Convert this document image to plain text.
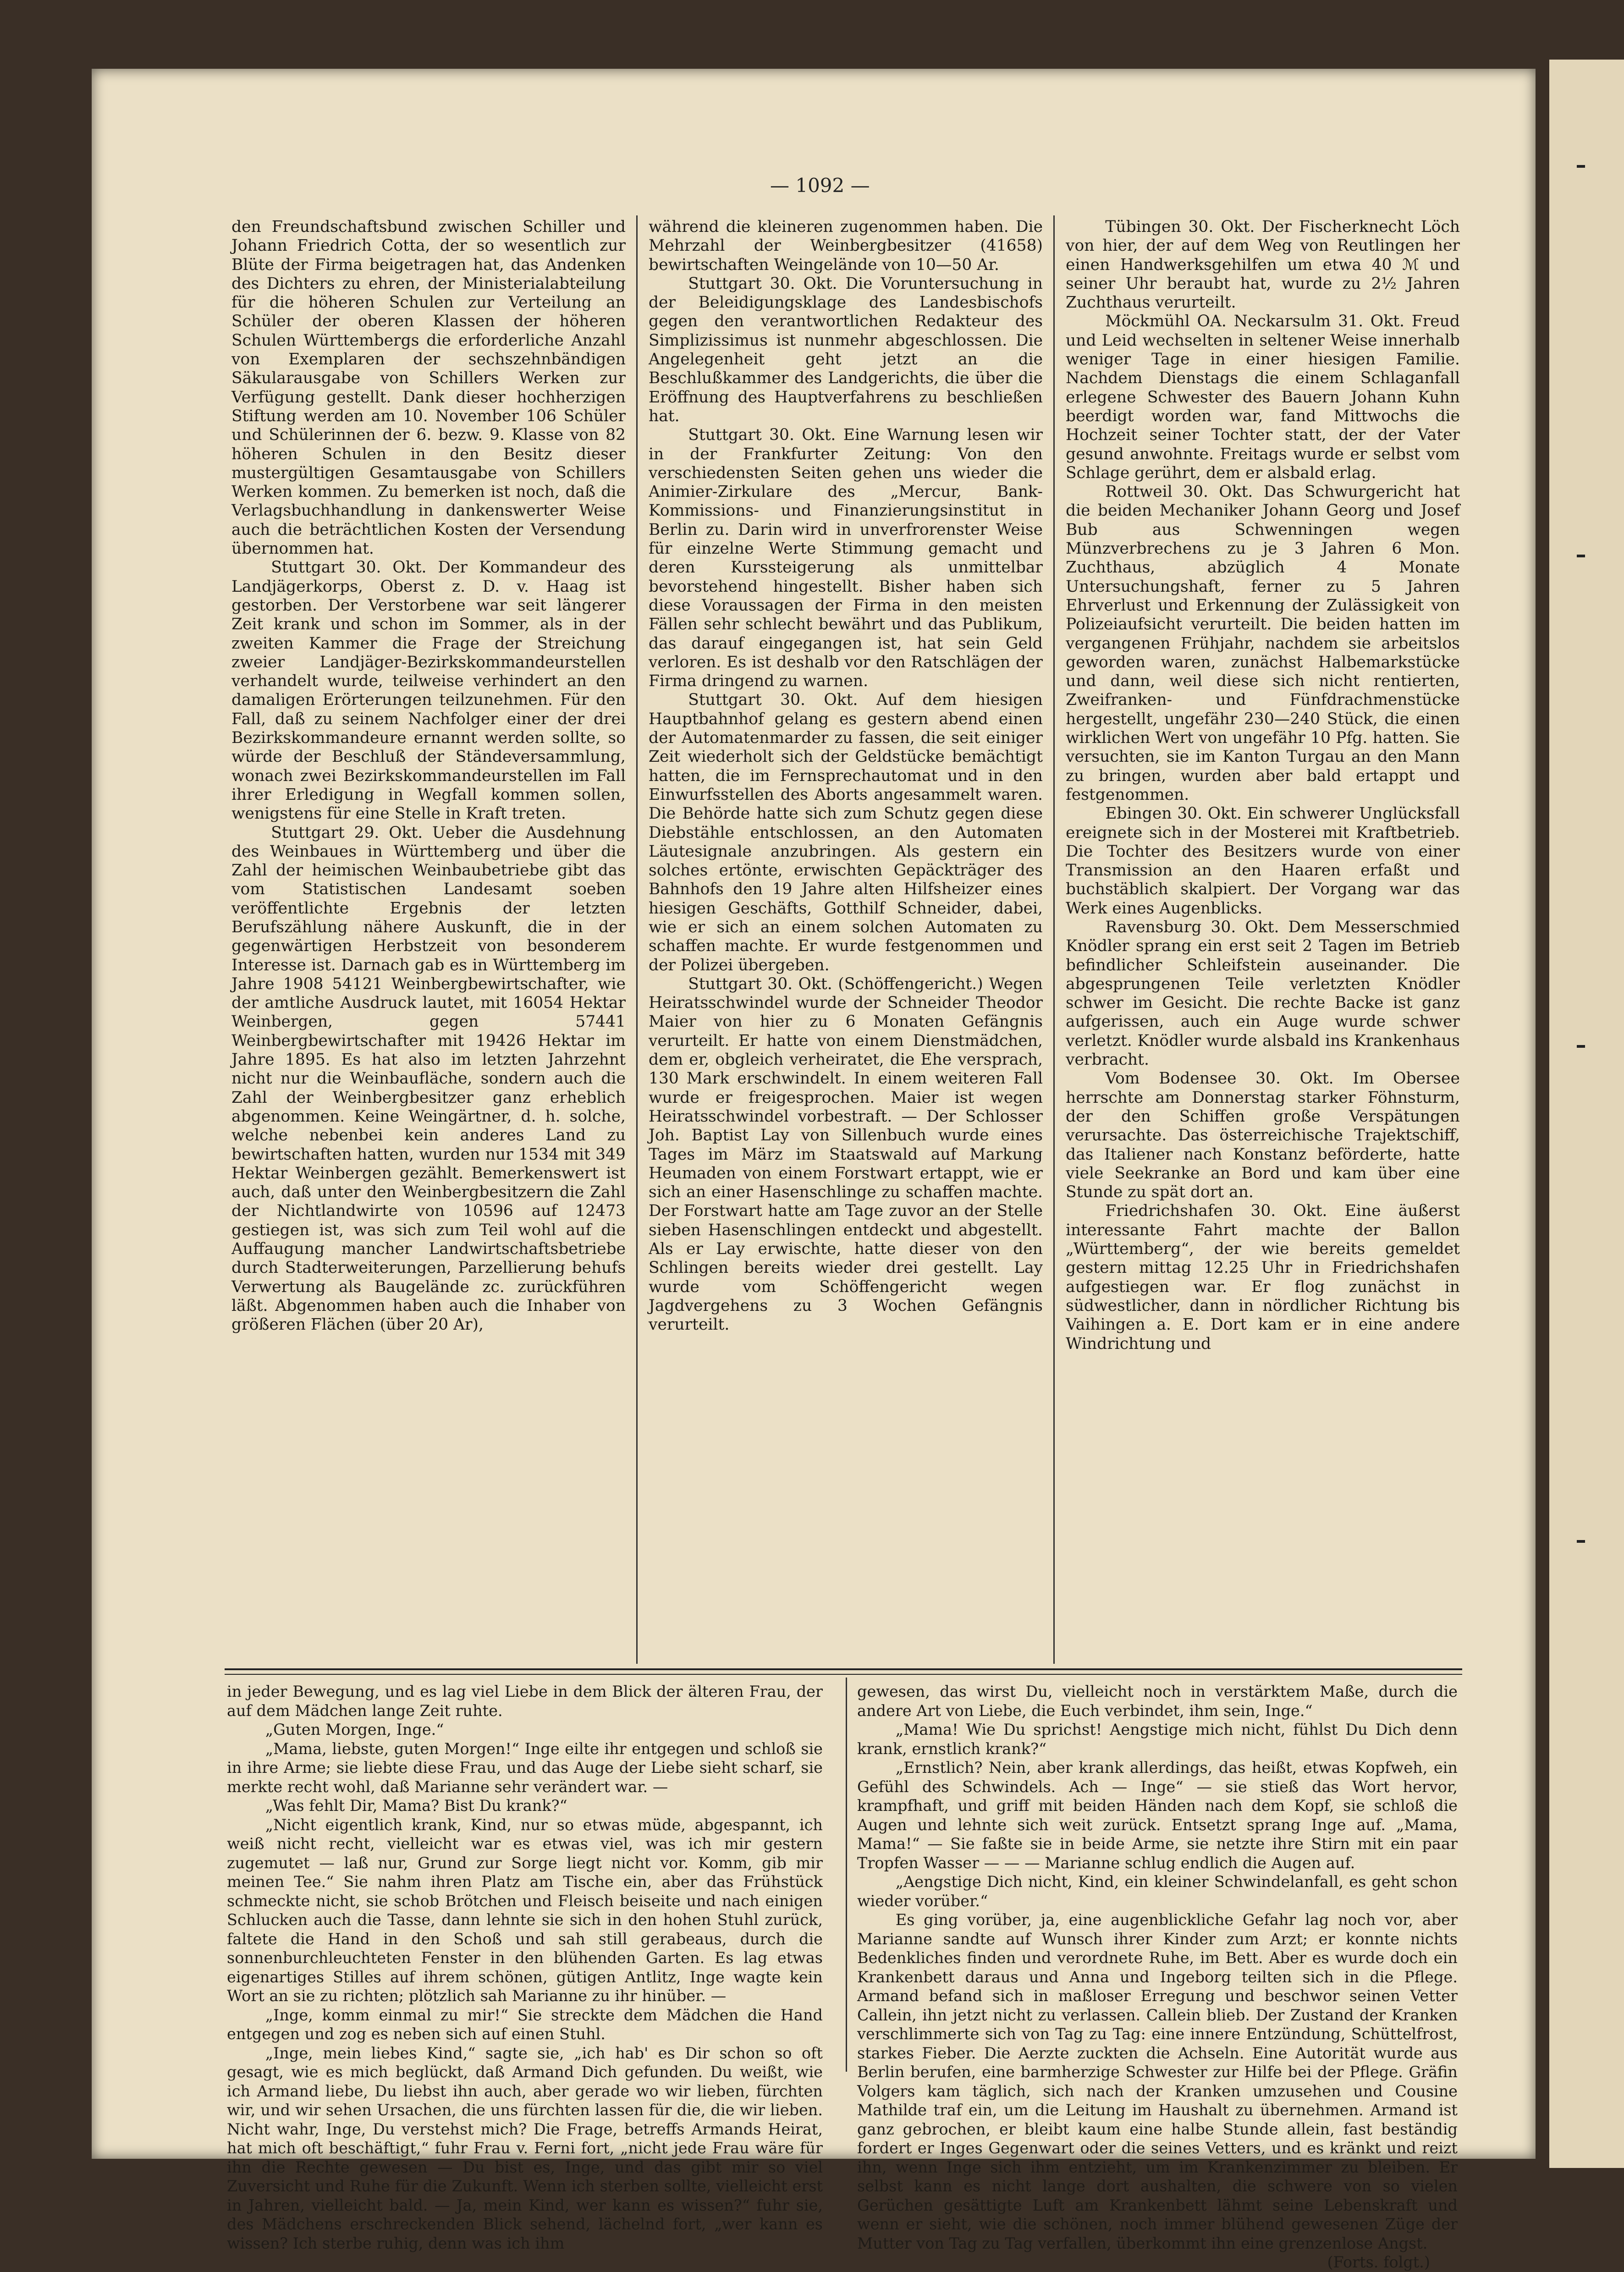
— 1092 —

den Freundschaftsbund zwischen Schiller und Johann Friedrich Cotta, der so wesentlich zur Blüte der Firma beigetragen hat, das Andenken des Dichters zu ehren, der Ministerialabteilung für die höheren Schulen zur Verteilung an Schüler der oberen Klassen der höheren Schulen Württembergs die erforderliche Anzahl von Exemplaren der sechszehnbändigen Säkularausgabe von Schillers Werken zur Verfügung gestellt. Dank dieser hochherzigen Stiftung werden am 10. November 106 Schüler und Schülerinnen der 6. bezw. 9. Klasse von 82 höheren Schulen in den Besitz dieser mustergültigen Gesamtausgabe von Schillers Werken kommen. Zu bemerken ist noch, daß die Verlagsbuchhandlung in dankenswerter Weise auch die beträchtlichen Kosten der Versendung übernommen hat.

Stuttgart 30. Okt. Der Kommandeur des Landjägerkorps, Oberst z. D. v. Haag ist gestorben. Der Verstorbene war seit längerer Zeit krank und schon im Sommer, als in der zweiten Kammer die Frage der Streichung zweier Landjäger-Bezirkskommandeurstellen verhandelt wurde, teilweise verhindert an den damaligen Erörterungen teilzunehmen. Für den Fall, daß zu seinem Nachfolger einer der drei Bezirkskommandeure ernannt werden sollte, so würde der Beschluß der Ständeversammlung, wonach zwei Bezirkskommandeurstellen im Fall ihrer Erledigung in Wegfall kommen sollen, wenigstens für eine Stelle in Kraft treten.

Stuttgart 29. Okt. Ueber die Ausdehnung des Weinbaues in Württemberg und über die Zahl der heimischen Weinbaubetriebe gibt das vom Statistischen Landesamt soeben veröffentlichte Ergebnis der letzten Berufszählung nähere Auskunft, die in der gegenwärtigen Herbstzeit von besonderem Interesse ist. Darnach gab es in Württemberg im Jahre 1908 54121 Weinbergbewirtschafter, wie der amtliche Ausdruck lautet, mit 16054 Hektar Weinbergen, gegen 57441 Weinbergbewirtschafter mit 19426 Hektar im Jahre 1895. Es hat also im letzten Jahrzehnt nicht nur die Weinbaufläche, sondern auch die Zahl der Weinbergbesitzer ganz erheblich abgenommen. Keine Weingärtner, d. h. solche, welche nebenbei kein anderes Land zu bewirtschaften hatten, wurden nur 1534 mit 349 Hektar Weinbergen gezählt. Bemerkenswert ist auch, daß unter den Weinbergbesitzern die Zahl der Nichtlandwirte von 10596 auf 12473 gestiegen ist, was sich zum Teil wohl auf die Auffaugung mancher Landwirtschaftsbetriebe durch Stadterweiterungen, Parzellierung behufs Verwertung als Baugelände zc. zurückführen läßt. Abgenommen haben auch die Inhaber von größeren Flächen (über 20 Ar),

während die kleineren zugenommen haben. Die Mehrzahl der Weinbergbesitzer (41658) bewirtschaften Weingelände von 10—50 Ar.

Stuttgart 30. Okt. Die Voruntersuchung in der Beleidigungsklage des Landesbischofs gegen den verantwortlichen Redakteur des Simplizissimus ist nunmehr abgeschlossen. Die Angelegenheit geht jetzt an die Beschlußkammer des Landgerichts, die über die Eröffnung des Hauptverfahrens zu beschließen hat.

Stuttgart 30. Okt. Eine Warnung lesen wir in der Frankfurter Zeitung: Von den verschiedensten Seiten gehen uns wieder die Animier-Zirkulare des „Mercur, Bank-Kommissions- und Finanzierungsinstitut in Berlin zu. Darin wird in unverfrorenster Weise für einzelne Werte Stimmung gemacht und deren Kurssteigerung als unmittelbar bevorstehend hingestellt. Bisher haben sich diese Voraussagen der Firma in den meisten Fällen sehr schlecht bewährt und das Publikum, das darauf eingegangen ist, hat sein Geld verloren. Es ist deshalb vor den Ratschlägen der Firma dringend zu warnen.

Stuttgart 30. Okt. Auf dem hiesigen Hauptbahnhof gelang es gestern abend einen der Automatenmarder zu fassen, die seit einiger Zeit wiederholt sich der Geldstücke bemächtigt hatten, die im Fernsprechautomat und in den Einwurfsstellen des Aborts angesammelt waren. Die Behörde hatte sich zum Schutz gegen diese Diebstähle entschlossen, an den Automaten Läutesignale anzubringen. Als gestern ein solches ertönte, erwischten Gepäckträger des Bahnhofs den 19 Jahre alten Hilfsheizer eines hiesigen Geschäfts, Gotthilf Schneider, dabei, wie er sich an einem solchen Automaten zu schaffen machte. Er wurde festgenommen und der Polizei übergeben.

Stuttgart 30. Okt. (Schöffengericht.) Wegen Heiratsschwindel wurde der Schneider Theodor Maier von hier zu 6 Monaten Gefängnis verurteilt. Er hatte von einem Dienstmädchen, dem er, obgleich verheiratet, die Ehe versprach, 130 Mark erschwindelt. In einem weiteren Fall wurde er freigesprochen. Maier ist wegen Heiratsschwindel vorbestraft. — Der Schlosser Joh. Baptist Lay von Sillenbuch wurde eines Tages im März im Staatswald auf Markung Heumaden von einem Forstwart ertappt, wie er sich an einer Hasenschlinge zu schaffen machte. Der Forstwart hatte am Tage zuvor an der Stelle sieben Hasenschlingen entdeckt und abgestellt. Als er Lay erwischte, hatte dieser von den Schlingen bereits wieder drei gestellt. Lay wurde vom Schöffengericht wegen Jagdvergehens zu 3 Wochen Gefängnis verurteilt.

Tübingen 30. Okt. Der Fischerknecht Löch von hier, der auf dem Weg von Reutlingen her einen Handwerksgehilfen um etwa 40 ℳ und seiner Uhr beraubt hat, wurde zu 2½ Jahren Zuchthaus verurteilt.

Möckmühl OA. Neckarsulm 31. Okt. Freud und Leid wechselten in seltener Weise innerhalb weniger Tage in einer hiesigen Familie. Nachdem Dienstags die einem Schlaganfall erlegene Schwester des Bauern Johann Kuhn beerdigt worden war, fand Mittwochs die Hochzeit seiner Tochter statt, der der Vater gesund anwohnte. Freitags wurde er selbst vom Schlage gerührt, dem er alsbald erlag.

Rottweil 30. Okt. Das Schwurgericht hat die beiden Mechaniker Johann Georg und Josef Bub aus Schwenningen wegen Münzverbrechens zu je 3 Jahren 6 Mon. Zuchthaus, abzüglich 4 Monate Untersuchungshaft, ferner zu 5 Jahren Ehrverlust und Erkennung der Zulässigkeit von Polizeiaufsicht verurteilt. Die beiden hatten im vergangenen Frühjahr, nachdem sie arbeitslos geworden waren, zunächst Halbemarkstücke und dann, weil diese sich nicht rentierten, Zweifranken- und Fünfdrachmenstücke hergestellt, ungefähr 230—240 Stück, die einen wirklichen Wert von ungefähr 10 Pfg. hatten. Sie versuchten, sie im Kanton Turgau an den Mann zu bringen, wurden aber bald ertappt und festgenommen.

Ebingen 30. Okt. Ein schwerer Unglücksfall ereignete sich in der Mosterei mit Kraftbetrieb. Die Tochter des Besitzers wurde von einer Transmission an den Haaren erfaßt und buchstäblich skalpiert. Der Vorgang war das Werk eines Augenblicks.

Ravensburg 30. Okt. Dem Messerschmied Knödler sprang ein erst seit 2 Tagen im Betrieb befindlicher Schleifstein auseinander. Die abgesprungenen Teile verletzten Knödler schwer im Gesicht. Die rechte Backe ist ganz aufgerissen, auch ein Auge wurde schwer verletzt. Knödler wurde alsbald ins Krankenhaus verbracht.

Vom Bodensee 30. Okt. Im Obersee herrschte am Donnerstag starker Föhnsturm, der den Schiffen große Verspätungen verursachte. Das österreichische Trajektschiff, das Italiener nach Konstanz beförderte, hatte viele Seekranke an Bord und kam über eine Stunde zu spät dort an.

Friedrichshafen 30. Okt. Eine äußerst interessante Fahrt machte der Ballon „Württemberg“, der wie bereits gemeldet gestern mittag 12.25 Uhr in Friedrichshafen aufgestiegen war. Er flog zunächst in südwestlicher, dann in nördlicher Richtung bis Vaihingen a. E. Dort kam er in eine andere Windrichtung und

in jeder Bewegung, und es lag viel Liebe in dem Blick der älteren Frau, der auf dem Mädchen lange Zeit ruhte.

„Guten Morgen, Inge.“

„Mama, liebste, guten Morgen!“ Inge eilte ihr entgegen und schloß sie in ihre Arme; sie liebte diese Frau, und das Auge der Liebe sieht scharf, sie merkte recht wohl, daß Marianne sehr verändert war. —

„Was fehlt Dir, Mama? Bist Du krank?“

„Nicht eigentlich krank, Kind, nur so etwas müde, abgespannt, ich weiß nicht recht, vielleicht war es etwas viel, was ich mir gestern zugemutet — laß nur, Grund zur Sorge liegt nicht vor. Komm, gib mir meinen Tee.“ Sie nahm ihren Platz am Tische ein, aber das Frühstück schmeckte nicht, sie schob Brötchen und Fleisch beiseite und nach einigen Schlucken auch die Tasse, dann lehnte sie sich in den hohen Stuhl zurück, faltete die Hand in den Schoß und sah still gerabeaus, durch die sonnenburchleuchteten Fenster in den blühenden Garten. Es lag etwas eigenartiges Stilles auf ihrem schönen, gütigen Antlitz, Inge wagte kein Wort an sie zu richten; plötzlich sah Marianne zu ihr hinüber. —

„Inge, komm einmal zu mir!“ Sie streckte dem Mädchen die Hand entgegen und zog es neben sich auf einen Stuhl.

„Inge, mein liebes Kind,“ sagte sie, „ich hab' es Dir schon so oft gesagt, wie es mich beglückt, daß Armand Dich gefunden. Du weißt, wie ich Armand liebe, Du liebst ihn auch, aber gerade wo wir lieben, fürchten wir, und wir sehen Ursachen, die uns fürchten lassen für die, die wir lieben. Nicht wahr, Inge, Du verstehst mich? Die Frage, betreffs Armands Heirat, hat mich oft beschäftigt,“ fuhr Frau v. Ferni fort, „nicht jede Frau wäre für ihn die Rechte gewesen — Du bist es, Inge, und das gibt mir so viel Zuversicht und Ruhe für die Zukunft. Wenn ich sterben sollte, vielleicht erst in Jahren, vielleicht bald. — Ja, mein Kind, wer kann es wissen?“ fuhr sie, des Mädchens erschreckenden Blick sehend, lächelnd fort, „wer kann es wissen? Ich sterbe ruhig, denn was ich ihm

gewesen, das wirst Du, vielleicht noch in verstärktem Maße, durch die andere Art von Liebe, die Euch verbindet, ihm sein, Inge.“

„Mama! Wie Du sprichst! Aengstige mich nicht, fühlst Du Dich denn krank, ernstlich krank?“

„Ernstlich? Nein, aber krank allerdings, das heißt, etwas Kopfweh, ein Gefühl des Schwindels. Ach — Inge“ — sie stieß das Wort hervor, krampfhaft, und griff mit beiden Händen nach dem Kopf, sie schloß die Augen und lehnte sich weit zurück. Entsetzt sprang Inge auf. „Mama, Mama!“ — Sie faßte sie in beide Arme, sie netzte ihre Stirn mit ein paar Tropfen Wasser — — — Marianne schlug endlich die Augen auf.

„Aengstige Dich nicht, Kind, ein kleiner Schwindelanfall, es geht schon wieder vorüber.“

Es ging vorüber, ja, eine augenblickliche Gefahr lag noch vor, aber Marianne sandte auf Wunsch ihrer Kinder zum Arzt; er konnte nichts Bedenkliches finden und verordnete Ruhe, im Bett. Aber es wurde doch ein Krankenbett daraus und Anna und Ingeborg teilten sich in die Pflege. Armand befand sich in maßloser Erregung und beschwor seinen Vetter Callein, ihn jetzt nicht zu verlassen. Callein blieb. Der Zustand der Kranken verschlimmerte sich von Tag zu Tag: eine innere Entzündung, Schüttelfrost, starkes Fieber. Die Aerzte zuckten die Achseln. Eine Autorität wurde aus Berlin berufen, eine barmherzige Schwester zur Hilfe bei der Pflege. Gräfin Volgers kam täglich, sich nach der Kranken umzusehen und Cousine Mathilde traf ein, um die Leitung im Haushalt zu übernehmen. Armand ist ganz gebrochen, er bleibt kaum eine halbe Stunde allein, fast beständig fordert er Inges Gegenwart oder die seines Vetters, und es kränkt und reizt ihn, wenn Inge sich ihm entzieht, um im Krankenzimmer zu bleiben. Er selbst kann es nicht lange dort aushalten, die schwere von so vielen Gerüchen gesättigte Luft am Krankenbett lähmt seine Lebenskraft und wenn er sieht, wie die schönen, noch immer blühend gewesenen Züge der Mutter von Tag zu Tag verfallen, überkommt ihn eine grenzenlose Angst.

(Forts. folgt.)
